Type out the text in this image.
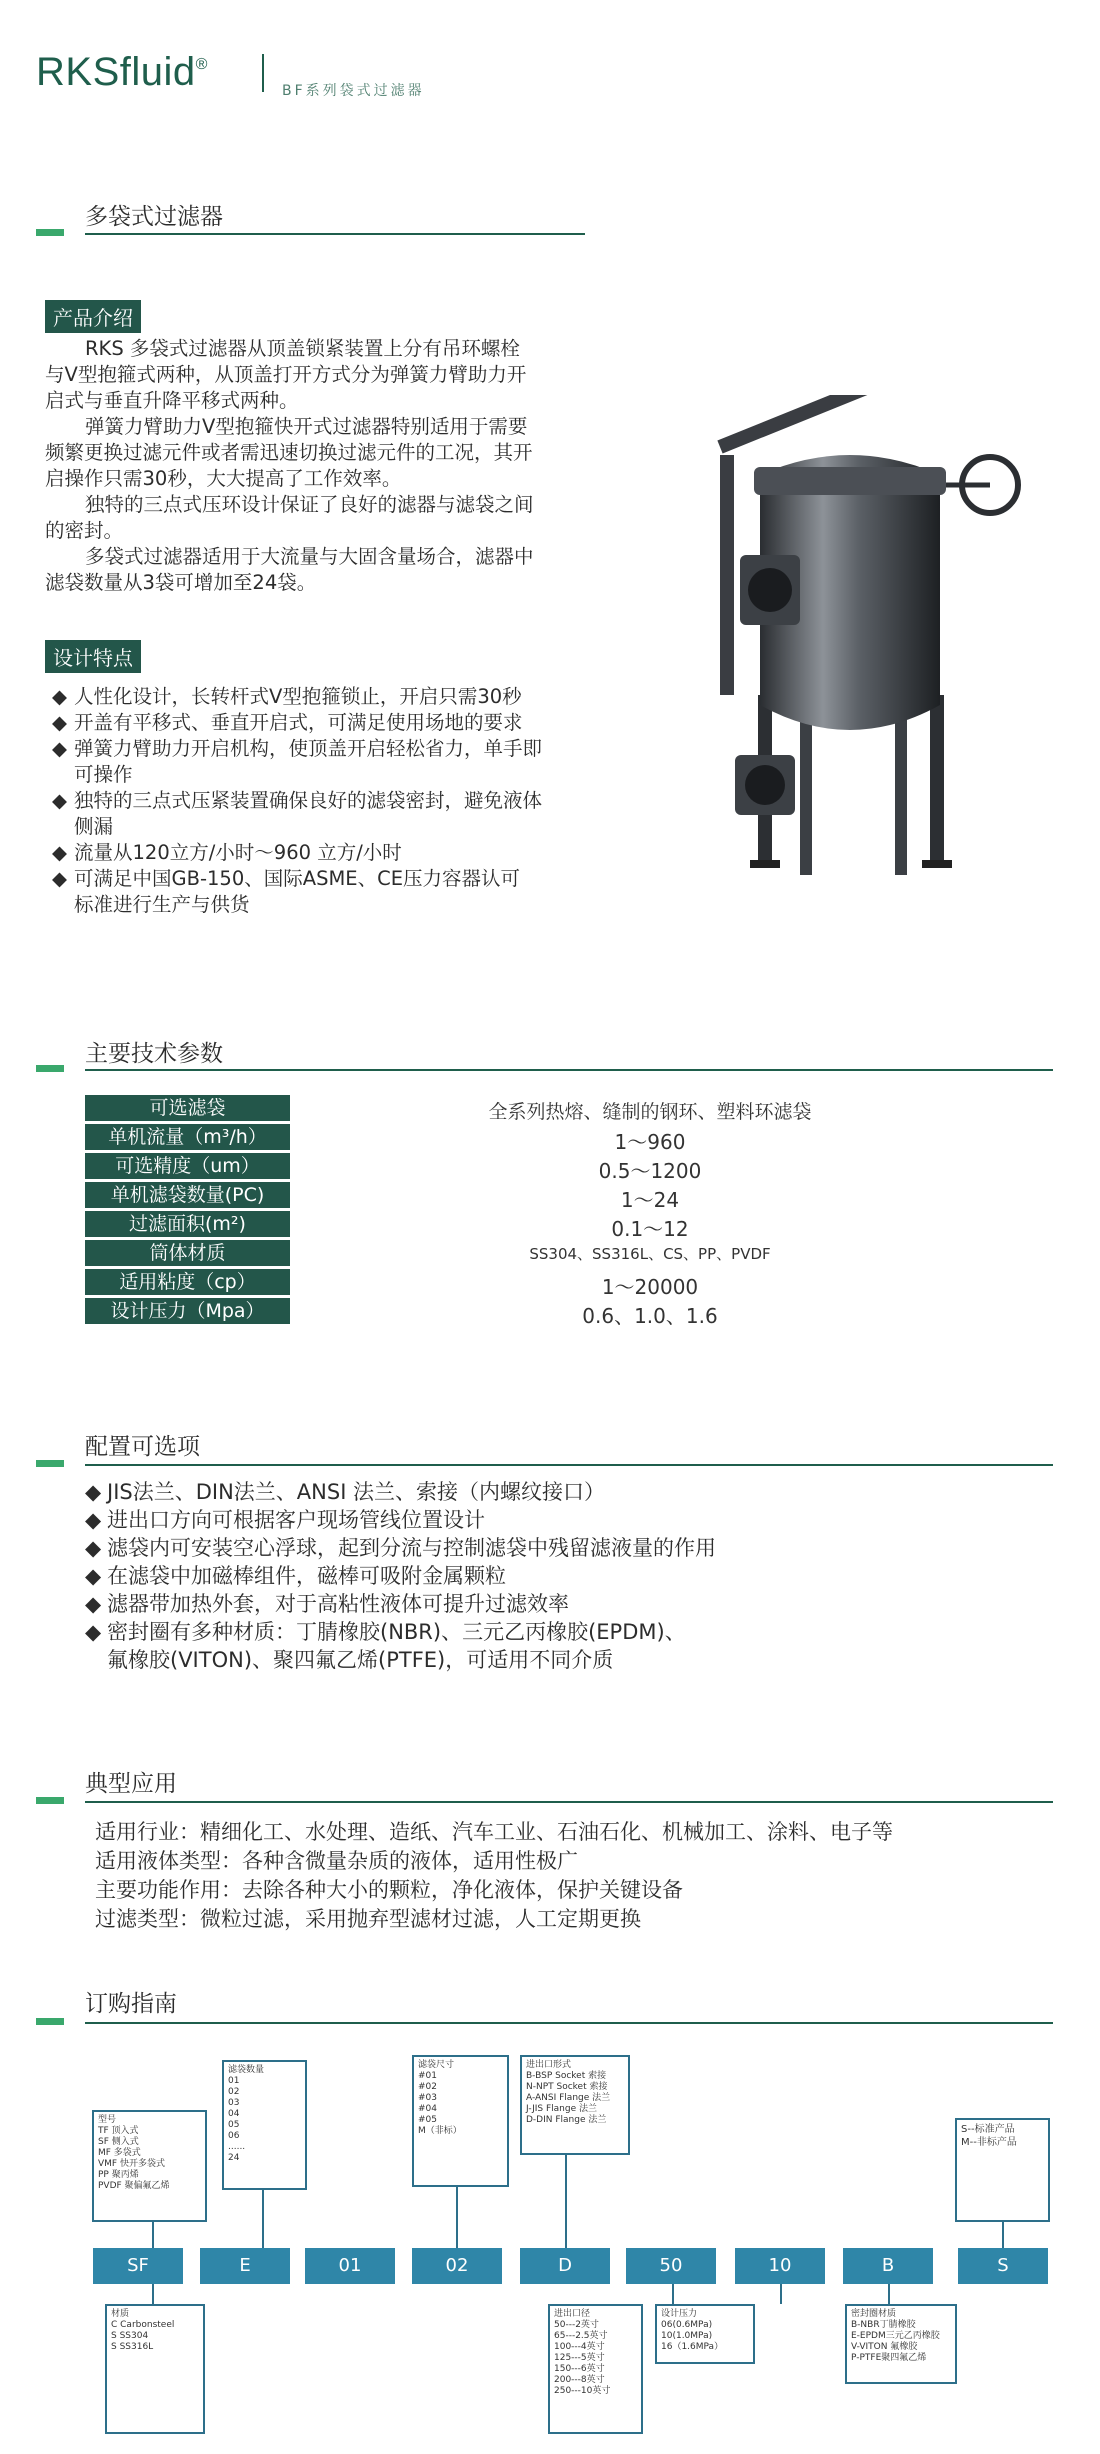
RKSfluid®
BF系列袋式过滤器
多袋式过滤器
产品介绍
RKS 多袋式过滤器从顶盖锁紧装置上分有吊环螺栓
与V型抱箍式两种，从顶盖打开方式分为弹簧力臂助力开
启式与垂直升降平移式两种。
弹簧力臂助力V型抱箍快开式过滤器特别适用于需要
频繁更换过滤元件或者需迅速切换过滤元件的工况，其开
启操作只需30秒，大大提高了工作效率。
独特的三点式压环设计保证了良好的滤器与滤袋之间
的密封。
多袋式过滤器适用于大流量与大固含量场合，滤器中
滤袋数量从3袋可增加至24袋。
设计特点
◆ 人性化设计，长转杆式V型抱箍锁止，开启只需30秒
◆ 开盖有平移式、垂直开启式，可满足使用场地的要求
◆ 弹簧力臂助力开启机构，使顶盖开启轻松省力，单手即
可操作
◆ 独特的三点式压紧装置确保良好的滤袋密封，避免液体
侧漏
◆ 流量从120立方/小时～960 立方/小时
◆ 可满足中国GB-150、国际ASME、CE压力容器认可
标准进行生产与供货
主要技术参数
可选滤袋	全系列热熔、缝制的钢环、塑料环滤袋
单机流量（m³/h）	1～960
可选精度（um）	0.5～1200
单机滤袋数量(PC)	1～24
过滤面积(m²)	0.1～12
筒体材质	SS304、SS316L、CS、PP、PVDF
适用粘度（cp）	1～20000
设计压力（Mpa）	0.6、1.0、1.6
配置可选项
◆ JIS法兰、DIN法兰、ANSI 法兰、索接（内螺纹接口）
◆ 进出口方向可根据客户现场管线位置设计
◆ 滤袋内可安装空心浮球，起到分流与控制滤袋中残留滤液量的作用
◆ 在滤袋中加磁棒组件，磁棒可吸附金属颗粒
◆ 滤器带加热外套，对于高粘性液体可提升过滤效率
◆ 密封圈有多种材质：丁腈橡胶(NBR)、三元乙丙橡胶(EPDM)、
氟橡胶(VITON)、聚四氟乙烯(PTFE)，可适用不同介质
典型应用
适用行业：精细化工、水处理、造纸、汽车工业、石油石化、机械加工、涂料、电子等
适用液体类型：各种含微量杂质的液体，适用性极广
主要功能作用：去除各种大小的颗粒，净化液体，保护关键设备
过滤类型：微粒过滤，采用抛弃型滤材过滤，人工定期更换
订购指南
SF	E	01	02	D	50	10	B	S
型号
TF 顶入式
SF 侧入式
MF 多袋式
VMF 快开多袋式
PP 聚丙烯
PVDF 聚偏氟乙烯
滤袋数量
01
02
03
04
05
06
......
24
滤袋尺寸
#01
#02
#03
#04
#05
M（非标）
进出口形式
B-BSP Socket 索接
N-NPT Socket 索接
A-ANSI Flange 法兰
J-JIS Flange 法兰
D-DIN Flange 法兰
S--标准产品
M--非标产品
材质
C Carbonsteel
S SS304
S SS316L
进出口径
50---2英寸
65---2.5英寸
100---4英寸
125---5英寸
150---6英寸
200---8英寸
250---10英寸
设计压力
06(0.6MPa)
10(1.0MPa)
16（1.6MPa）
密封圈材质
B-NBR丁腈橡胶
E-EPDM三元乙丙橡胶
V-VITON 氟橡胶
P-PTFE聚四氟乙烯
